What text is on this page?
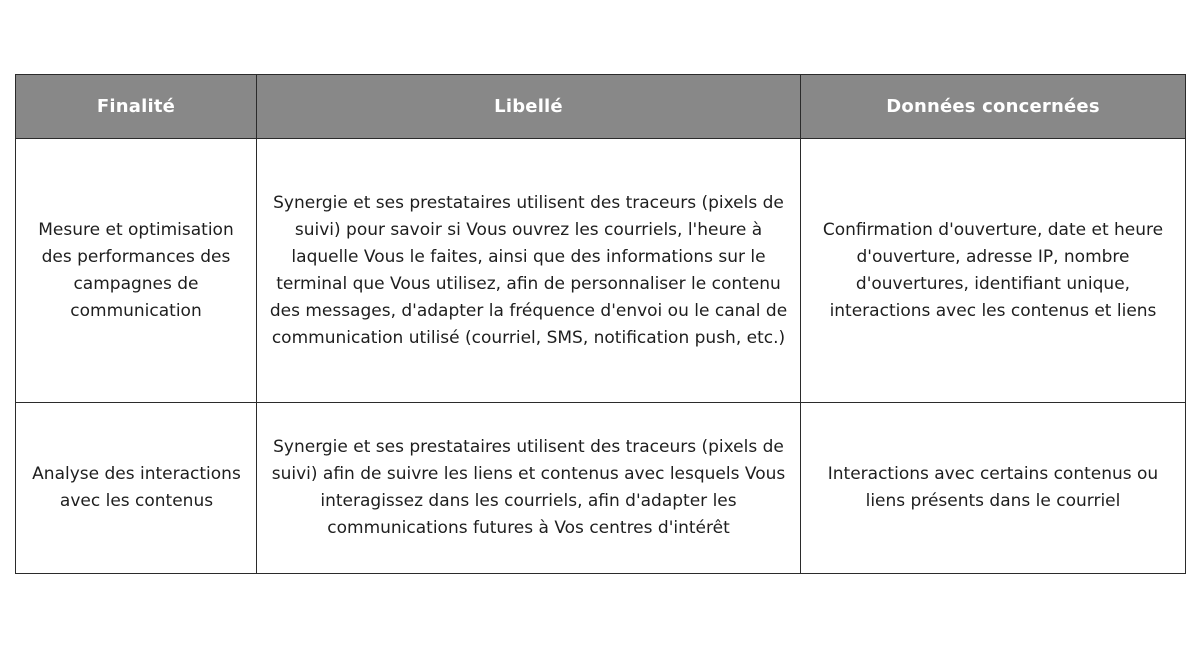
Finalité	Libellé	Données concernées

Mesure et optimisation des performances des campagnes de communication	Synergie et ses prestataires utilisent des traceurs (pixels de suivi) pour savoir si Vous ouvrez les courriels, l'heure à laquelle Vous le faites, ainsi que des informations sur le terminal que Vous utilisez, afin de personnaliser le contenu des messages, d'adapter la fréquence d'envoi ou le canal de communication utilisé (courriel, SMS, notification push, etc.)	Confirmation d'ouverture, date et heure d'ouverture, adresse IP, nombre d'ouvertures, identifiant unique, interactions avec les contenus et liens

Analyse des interactions avec les contenus	Synergie et ses prestataires utilisent des traceurs (pixels de suivi) afin de suivre les liens et contenus avec lesquels Vous interagissez dans les courriels, afin d'adapter les communications futures à Vos centres d'intérêt	Interactions avec certains contenus ou liens présents dans le courriel
